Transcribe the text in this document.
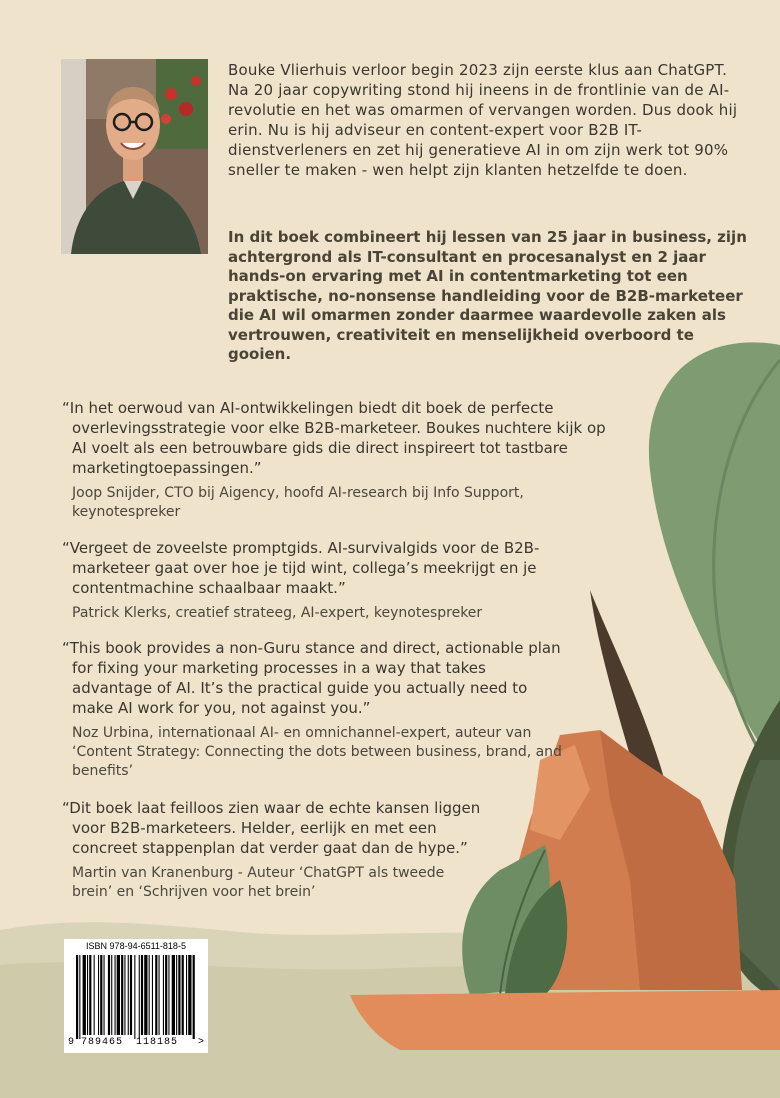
Bouke Vlierhuis verloor begin 2023 zijn eerste klus aan ChatGPT. Na 20 jaar copywriting stond hij ineens in de frontlinie van de AI-revolutie en het was omarmen of vervangen worden. Dus dook hij erin. Nu is hij adviseur en content-expert voor B2B IT-dienstverleners en zet hij generatieve AI in om zijn werk tot 90% sneller te maken - wen helpt zijn klanten hetzelfde te doen.

In dit boek combineert hij lessen van 25 jaar in business, zijn achtergrond als IT-consultant en procesanalyst en 2 jaar hands-on ervaring met AI in contentmarketing tot een praktische, no-nonsense handleiding voor de B2B-marketeer die AI wil omarmen zonder daarmee waardevolle zaken als vertrouwen, creativiteit en menselijkheid overboord te gooien.

“In het oerwoud van AI-ontwikkelingen biedt dit boek de perfecte overlevingsstrategie voor elke B2B-marketeer. Boukes nuchtere kijk op AI voelt als een betrouwbare gids die direct inspireert tot tastbare marketingtoepassingen.”

Joop Snijder, CTO bij Aigency, hoofd AI-research bij Info Support, keynotespreker

“Vergeet de zoveelste promptgids. AI-survivalgids voor de B2B-marketeer gaat over hoe je tijd wint, collega’s meekrijgt en je contentmachine schaalbaar maakt.”

Patrick Klerks, creatief strateeg, AI-expert, keynotespreker

“This book provides a non-Guru stance and direct, actionable plan for fixing your marketing processes in a way that takes advantage of AI. It’s the practical guide you actually need to make AI work for you, not against you.”

Noz Urbina, internationaal AI- en omnichannel-expert, auteur van ‘Content Strategy: Connecting the dots between business, brand, and benefits’

“Dit boek laat feilloos zien waar de echte kansen liggen voor B2B-marketeers. Helder, eerlijk en met een concreet stappenplan dat verder gaat dan de hype.”

Martin van Kranenburg - Auteur ‘ChatGPT als tweede brein’ en ‘Schrijven voor het brein’

ISBN 978-94-6511-818-5
9 789465 118185 >
